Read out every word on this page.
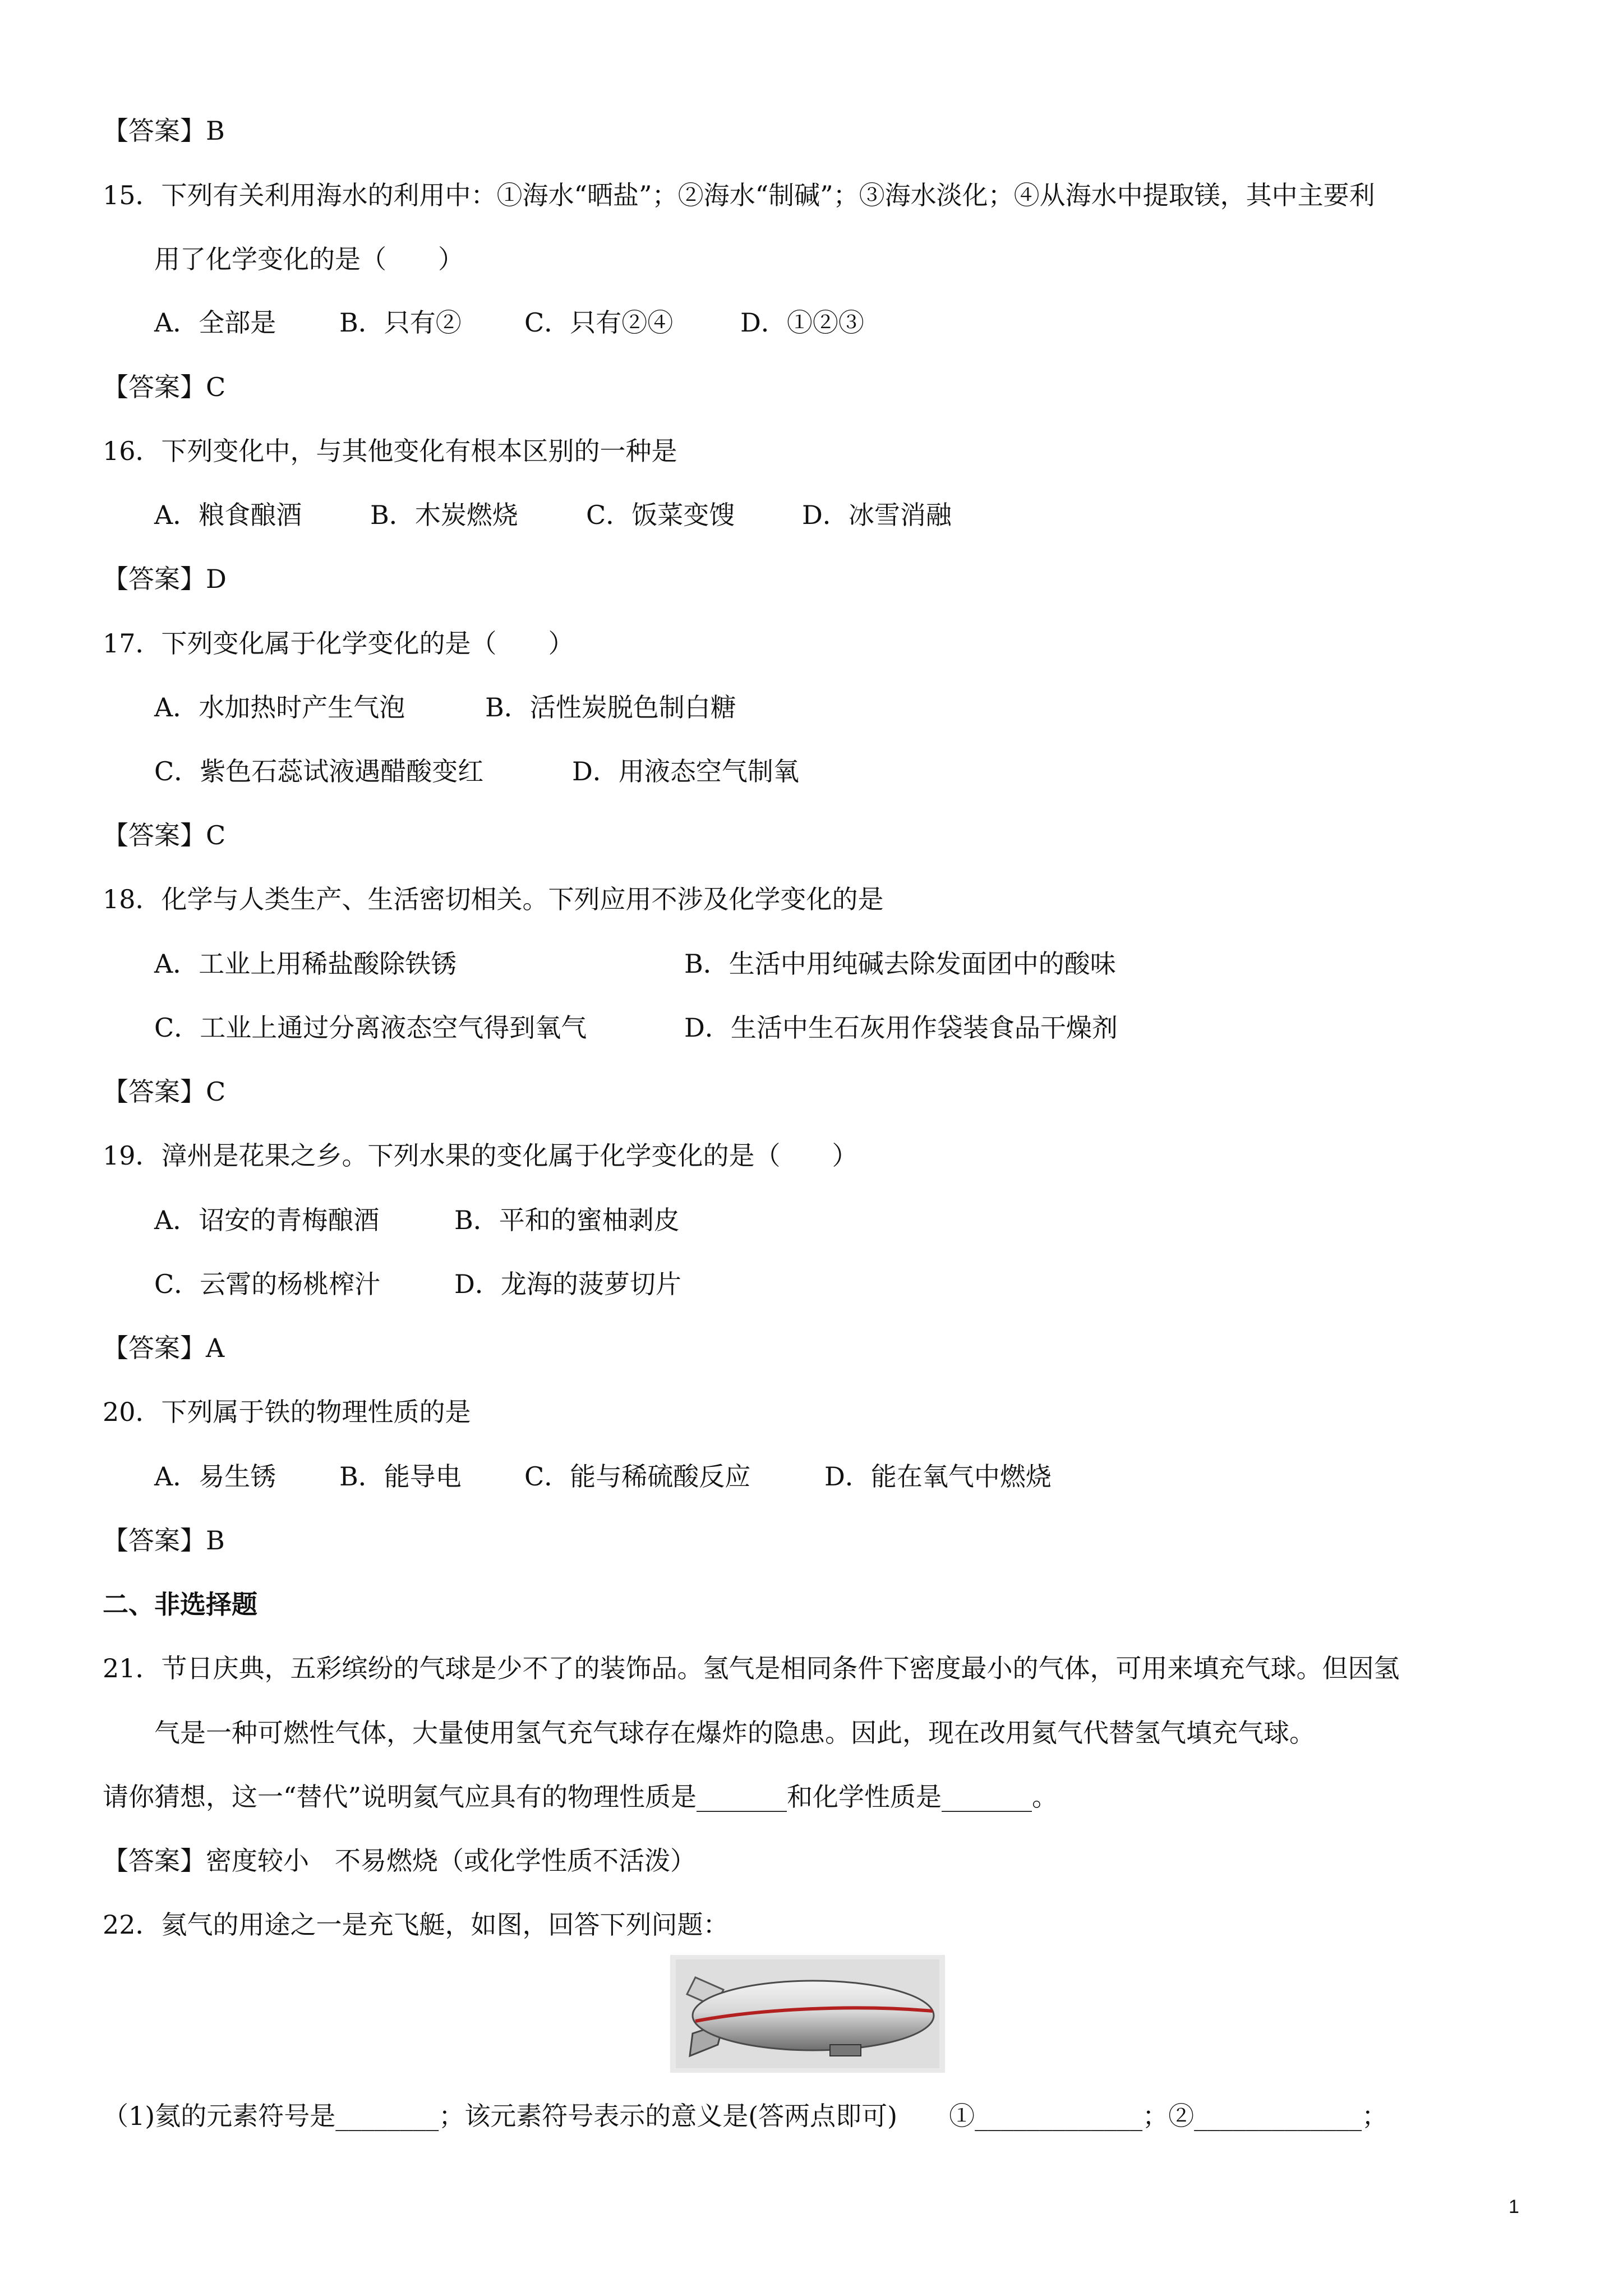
【答案】B
15．下列有关利用海水的利用中：①海水“晒盐”；②海水“制碱”；③海水淡化；④从海水中提取镁，其中主要利
用了化学变化的是（　　）
A．全部是 B．只有② C．只有②④	D．①②③
【答案】C
16．下列变化中，与其他变化有根本区别的一种是
A．粮食酿酒	B．木炭燃烧	C．饭菜变馊	D．冰雪消融
【答案】D
17．下列变化属于化学变化的是（　　）
A．水加热时产生气泡	B．活性炭脱色制白糖
C．紫色石蕊试液遇醋酸变红	D．用液态空气制氧
【答案】C
18．化学与人类生产、生活密切相关。下列应用不涉及化学变化的是
A．工业上用稀盐酸除铁锈	B．生活中用纯碱去除发面团中的酸味
C．工业上通过分离液态空气得到氧气	D．生活中生石灰用作袋装食品干燥剂
【答案】C
19．漳州是花果之乡。下列水果的变化属于化学变化的是（　　）
A．诏安的青梅酿酒	B．平和的蜜柚剥皮
C．云霄的杨桃榨汁	D．龙海的菠萝切片
【答案】A
20．下列属于铁的物理性质的是
A．易生锈 B．能导电 C．能与稀硫酸反应	D．能在氧气中燃烧
【答案】B
二、非选择题
21．节日庆典，五彩缤纷的气球是少不了的装饰品。氢气是相同条件下密度最小的气体，可用来填充气球。但因氢
气是一种可燃性气体，大量使用氢气充气球存在爆炸的隐患。因此，现在改用氦气代替氢气填充气球。
请你猜想，这一“替代”说明氦气应具有的物理性质是_______和化学性质是_______。
【答案】密度较小　不易燃烧（或化学性质不活泼）
22．氦气的用途之一是充飞艇，如图，回答下列问题：
（1)氦的元素符号是________；该元素符号表示的意义是(答两点即可)　　①_____________；②_____________；
1
